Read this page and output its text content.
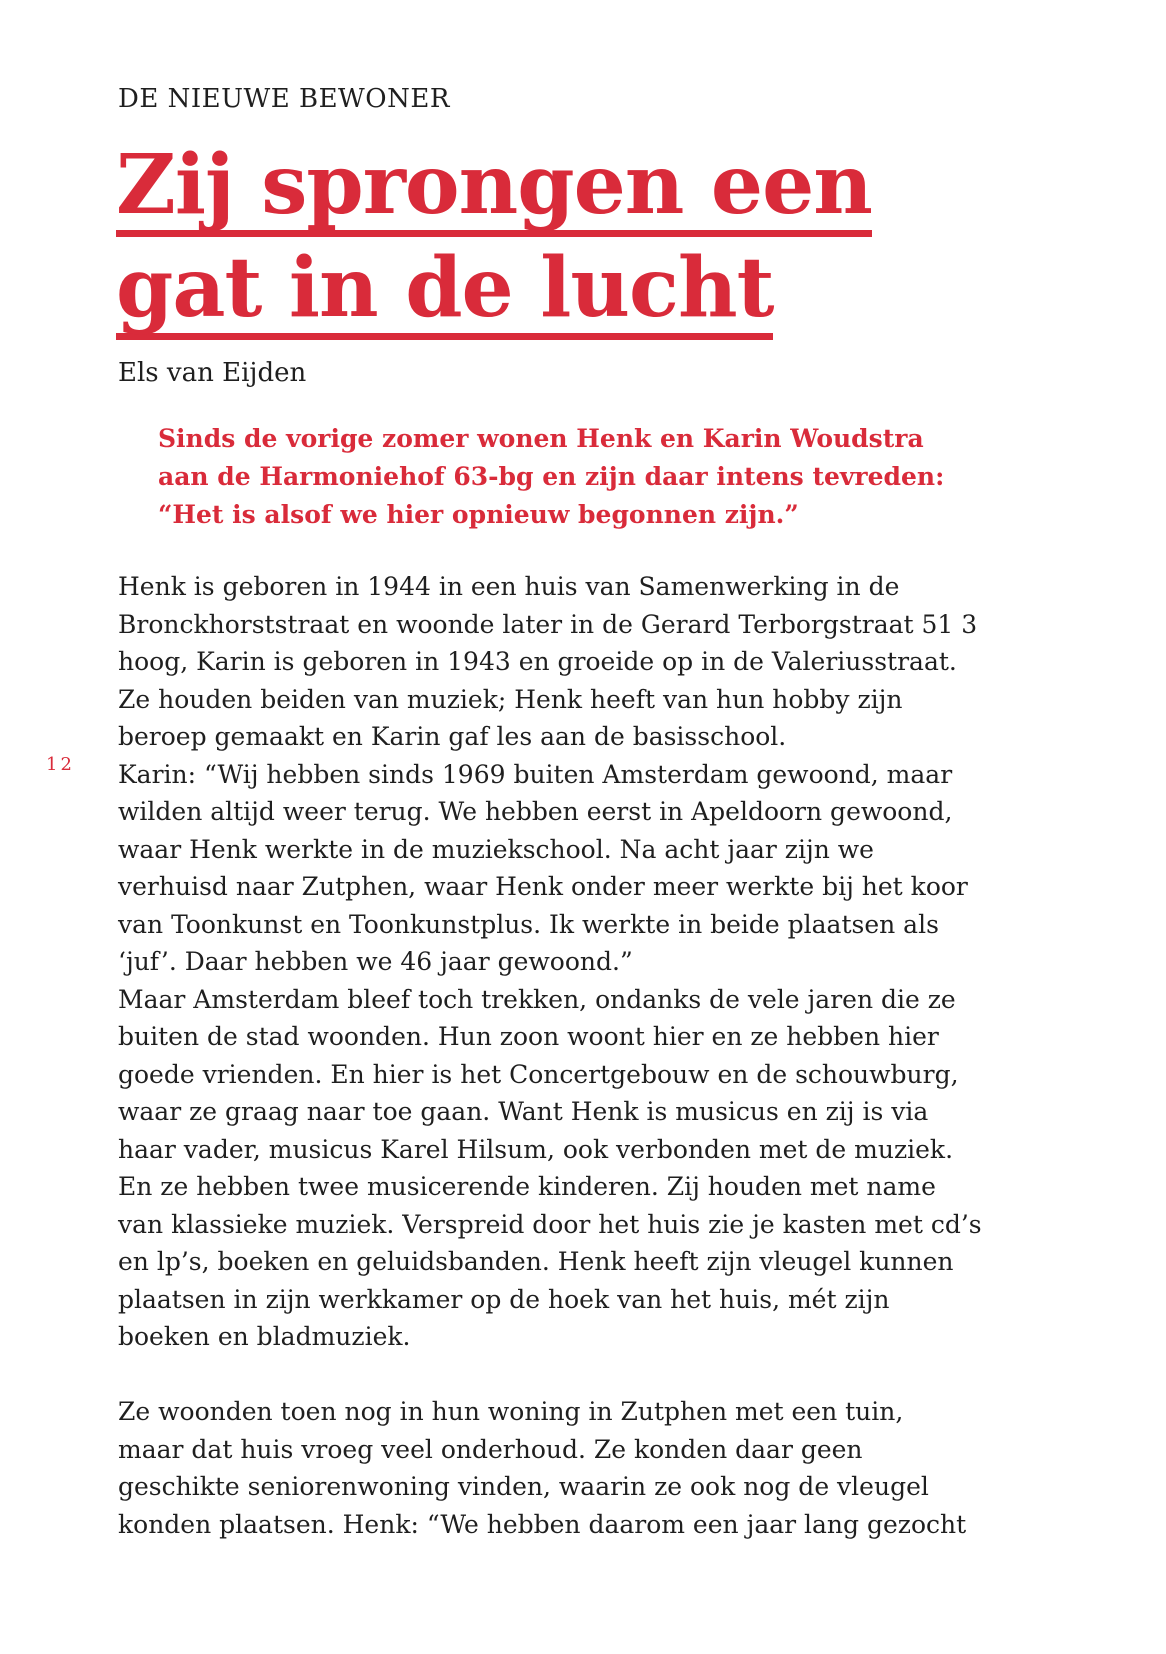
DE NIEUWE BEWONER
Zij sprongen een
gat in de lucht

Els van Eijden

Sinds de vorige zomer wonen Henk en Karin Woudstra
aan de Harmoniehof 63-bg en zijn daar intens tevreden:
“Het is alsof we hier opnieuw begonnen zijn.”

12
Henk is geboren in 1944 in een huis van Samenwerking in de
Bronckhorststraat en woonde later in de Gerard Terborgstraat 51 3
hoog, Karin is geboren in 1943 en groeide op in de Valeriusstraat.
Ze houden beiden van muziek; Henk heeft van hun hobby zijn
beroep gemaakt en Karin gaf les aan de basisschool.
Karin: “Wij hebben sinds 1969 buiten Amsterdam gewoond, maar
wilden altijd weer terug. We hebben eerst in Apeldoorn gewoond,
waar Henk werkte in de muziekschool. Na acht jaar zijn we
verhuisd naar Zutphen, waar Henk onder meer werkte bij het koor
van Toonkunst en Toonkunstplus. Ik werkte in beide plaatsen als
‘juf’. Daar hebben we 46 jaar gewoond.”
Maar Amsterdam bleef toch trekken, ondanks de vele jaren die ze
buiten de stad woonden. Hun zoon woont hier en ze hebben hier
goede vrienden. En hier is het Concertgebouw en de schouwburg,
waar ze graag naar toe gaan. Want Henk is musicus en zij is via
haar vader, musicus Karel Hilsum, ook verbonden met de muziek.
En ze hebben twee musicerende kinderen. Zij houden met name
van klassieke muziek. Verspreid door het huis zie je kasten met cd’s
en lp’s, boeken en geluidsbanden. Henk heeft zijn vleugel kunnen
plaatsen in zijn werkkamer op de hoek van het huis, mét zijn
boeken en bladmuziek.
Ze woonden toen nog in hun woning in Zutphen met een tuin,
maar dat huis vroeg veel onderhoud. Ze konden daar geen
geschikte seniorenwoning vinden, waarin ze ook nog de vleugel
konden plaatsen. Henk: “We hebben daarom een jaar lang gezocht
